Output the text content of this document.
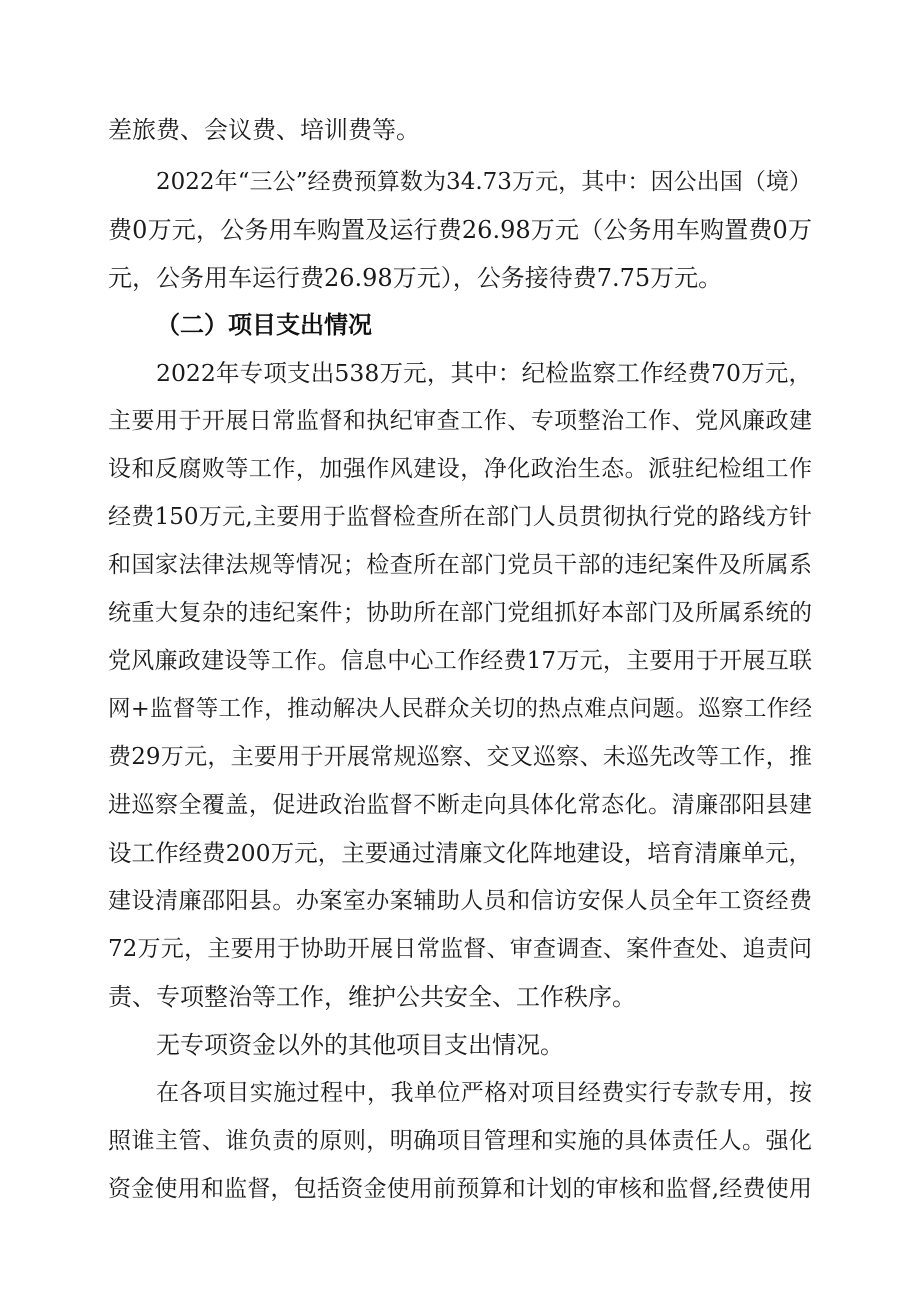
差旅费、会议费、培训费等。
2022年“三公”经费预算数为34.73万元，其中：因公出国（境）
费0万元，公务用车购置及运行费26.98万元（公务用车购置费0万
元，公务用车运行费26.98万元），公务接待费7.75万元。
（二）项目支出情况
2022年专项支出538万元，其中：纪检监察工作经费70万元，
主要用于开展日常监督和执纪审查工作、专项整治工作、党风廉政建
设和反腐败等工作，加强作风建设，净化政治生态。派驻纪检组工作
经费150万元,主要用于监督检查所在部门人员贯彻执行党的路线方针
和国家法律法规等情况；检查所在部门党员干部的违纪案件及所属系
统重大复杂的违纪案件；协助所在部门党组抓好本部门及所属系统的
党风廉政建设等工作。信息中心工作经费17万元，主要用于开展互联
网+监督等工作，推动解决人民群众关切的热点难点问题。巡察工作经
费29万元，主要用于开展常规巡察、交叉巡察、未巡先改等工作，推
进巡察全覆盖，促进政治监督不断走向具体化常态化。清廉邵阳县建
设工作经费200万元，主要通过清廉文化阵地建设，培育清廉单元，
建设清廉邵阳县。办案室办案辅助人员和信访安保人员全年工资经费
72万元，主要用于协助开展日常监督、审查调查、案件查处、追责问
责、专项整治等工作，维护公共安全、工作秩序。
无专项资金以外的其他项目支出情况。
在各项目实施过程中，我单位严格对项目经费实行专款专用，按
照谁主管、谁负责的原则，明确项目管理和实施的具体责任人。强化
资金使用和监督，包括资金使用前预算和计划的审核和监督,经费使用
